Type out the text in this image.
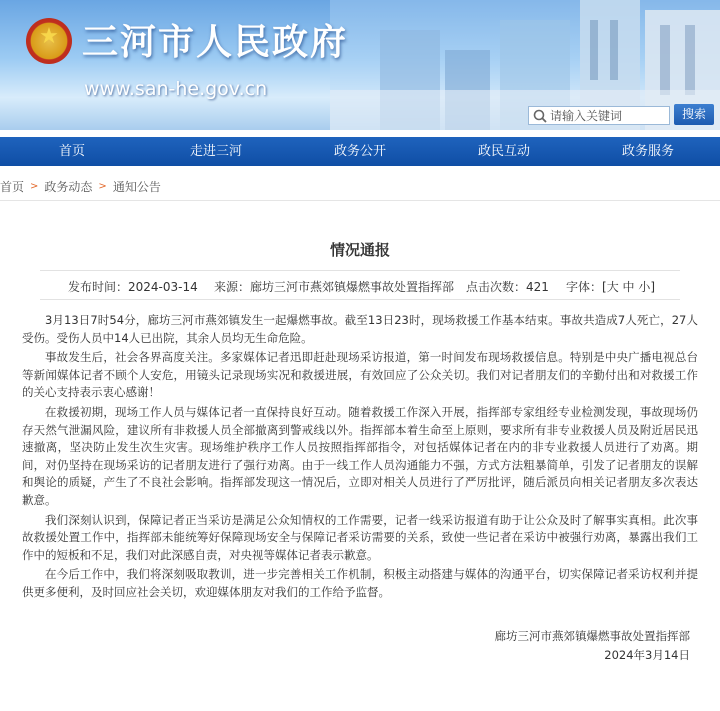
★ 三河市人民政府
www.san-he.gov.cn
请输入关键词	搜索
首页	走进三河	政务公开	政民互动	政务服务
首页 > 政务动态 > 通知公告
情况通报
发布时间：2024-03-14 来源：廊坊三河市燕郊镇爆燃事故处置指挥部 点击次数：421 字体：[大 中 小]

3月13日7时54分，廊坊三河市燕郊镇发生一起爆燃事故。截至13日23时，现场救援工作基本结束。事故共造成7人死亡，27人受伤。受伤人员中14人已出院，其余人员均无生命危险。

事故发生后，社会各界高度关注。多家媒体记者迅即赶赴现场采访报道，第一时间发布现场救援信息。特别是中央广播电视总台等新闻媒体记者不顾个人安危，用镜头记录现场实况和救援进展，有效回应了公众关切。我们对记者朋友们的辛勤付出和对救援工作的关心支持表示衷心感谢！

在救援初期，现场工作人员与媒体记者一直保持良好互动。随着救援工作深入开展，指挥部专家组经专业检测发现，事故现场仍存天然气泄漏风险，建议所有非救援人员全部撤离到警戒线以外。指挥部本着生命至上原则，要求所有非专业救援人员及附近居民迅速撤离，坚决防止发生次生灾害。现场维护秩序工作人员按照指挥部指令，对包括媒体记者在内的非专业救援人员进行了劝离。期间，对仍坚持在现场采访的记者朋友进行了强行劝离。由于一线工作人员沟通能力不强，方式方法粗暴简单，引发了记者朋友的误解和舆论的质疑，产生了不良社会影响。指挥部发现这一情况后，立即对相关人员进行了严厉批评，随后派员向相关记者朋友多次表达歉意。

我们深刻认识到，保障记者正当采访是满足公众知情权的工作需要，记者一线采访报道有助于让公众及时了解事实真相。此次事故救援处置工作中，指挥部未能统筹好保障现场安全与保障记者采访需要的关系，致使一些记者在采访中被强行劝离，暴露出我们工作中的短板和不足，我们对此深感自责，对央视等媒体记者表示歉意。

在今后工作中，我们将深刻吸取教训，进一步完善相关工作机制，积极主动搭建与媒体的沟通平台，切实保障记者采访权利并提供更多便利，及时回应社会关切，欢迎媒体朋友对我们的工作给予监督。

廊坊三河市燕郊镇爆燃事故处置指挥部
2024年3月14日
